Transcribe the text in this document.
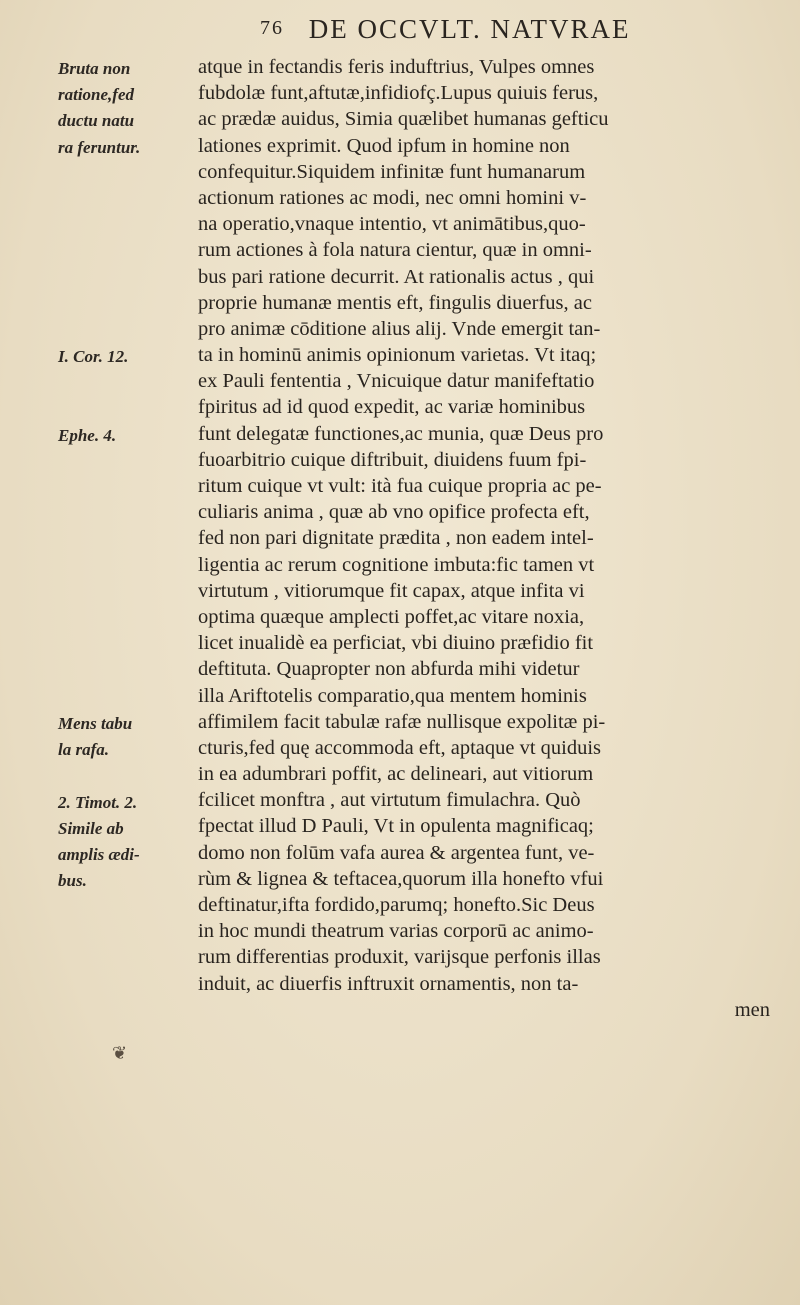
76 DE OCCVLT. NATVRAE
atque in fectandis feris induftrius, Vulpes omnes
fubdolæ funt,aftutæ,infidiofç.Lupus quiuis ferus,
ac prædæ auidus, Simia quælibet humanas gefticu
lationes exprimit. Quod ipfum in homine non
confequitur.Siquidem infinitæ funt humanarum
actionum rationes ac modi, nec omni homini v-
na operatio,vnaque intentio, vt animātibus,quo-
rum actiones à fola natura cientur, quæ in omni-
bus pari ratione decurrit. At rationalis actus , qui
proprie humanæ mentis eft, fingulis diuerfus, ac
pro animæ cōditione alius alij. Vnde emergit tan-
ta in hominū animis opinionum varietas. Vt itaq;
ex Pauli fententia , Vnicuique datur manifeftatio
fpiritus ad id quod expedit, ac variæ hominibus
funt delegatæ functiones,ac munia, quæ Deus pro
fuoarbitrio cuique diftribuit, diuidens fuum fpi-
ritum cuique vt vult: ità fua cuique propria ac pe-
culiaris anima , quæ ab vno opifice profecta eft,
fed non pari dignitate prædita , non eadem intel-
ligentia ac rerum cognitione imbuta:fic tamen vt
virtutum , vitiorumque fit capax, atque infita vi
optima quæque amplecti poffet,ac vitare noxia,
licet inualidè ea perficiat, vbi diuino præfidio fit
deftituta. Quapropter non abfurda mihi videtur
illa Ariftotelis comparatio,qua mentem hominis
affimilem facit tabulæ rafæ nullisque expolitæ pi-
cturis,fed quę accommoda eft, aptaque vt quiduis
in ea adumbrari poffit, ac delineari, aut vitiorum
fcilicet monftra , aut virtutum fimulachra. Quò
fpectat illud D Pauli, Vt in opulenta magnificaq;
domo non folūm vafa aurea & argentea funt, ve-
rùm & lignea & teftacea,quorum illa honefto vfui
deftinatur,ifta fordido,parumq; honefto.Sic Deus
in hoc mundi theatrum varias corporū ac animo-
rum differentias produxit, varijsque perfonis illas
induit, ac diuerfis inftruxit ornamentis, non ta-
men
❦
Bruta non
ratione,fed
ductu natu
ra feruntur.
I. Cor. 12.
Ephe. 4.
Mens tabu
la rafa.
2. Timot. 2.
Simile ab
amplis ædi-
bus.
